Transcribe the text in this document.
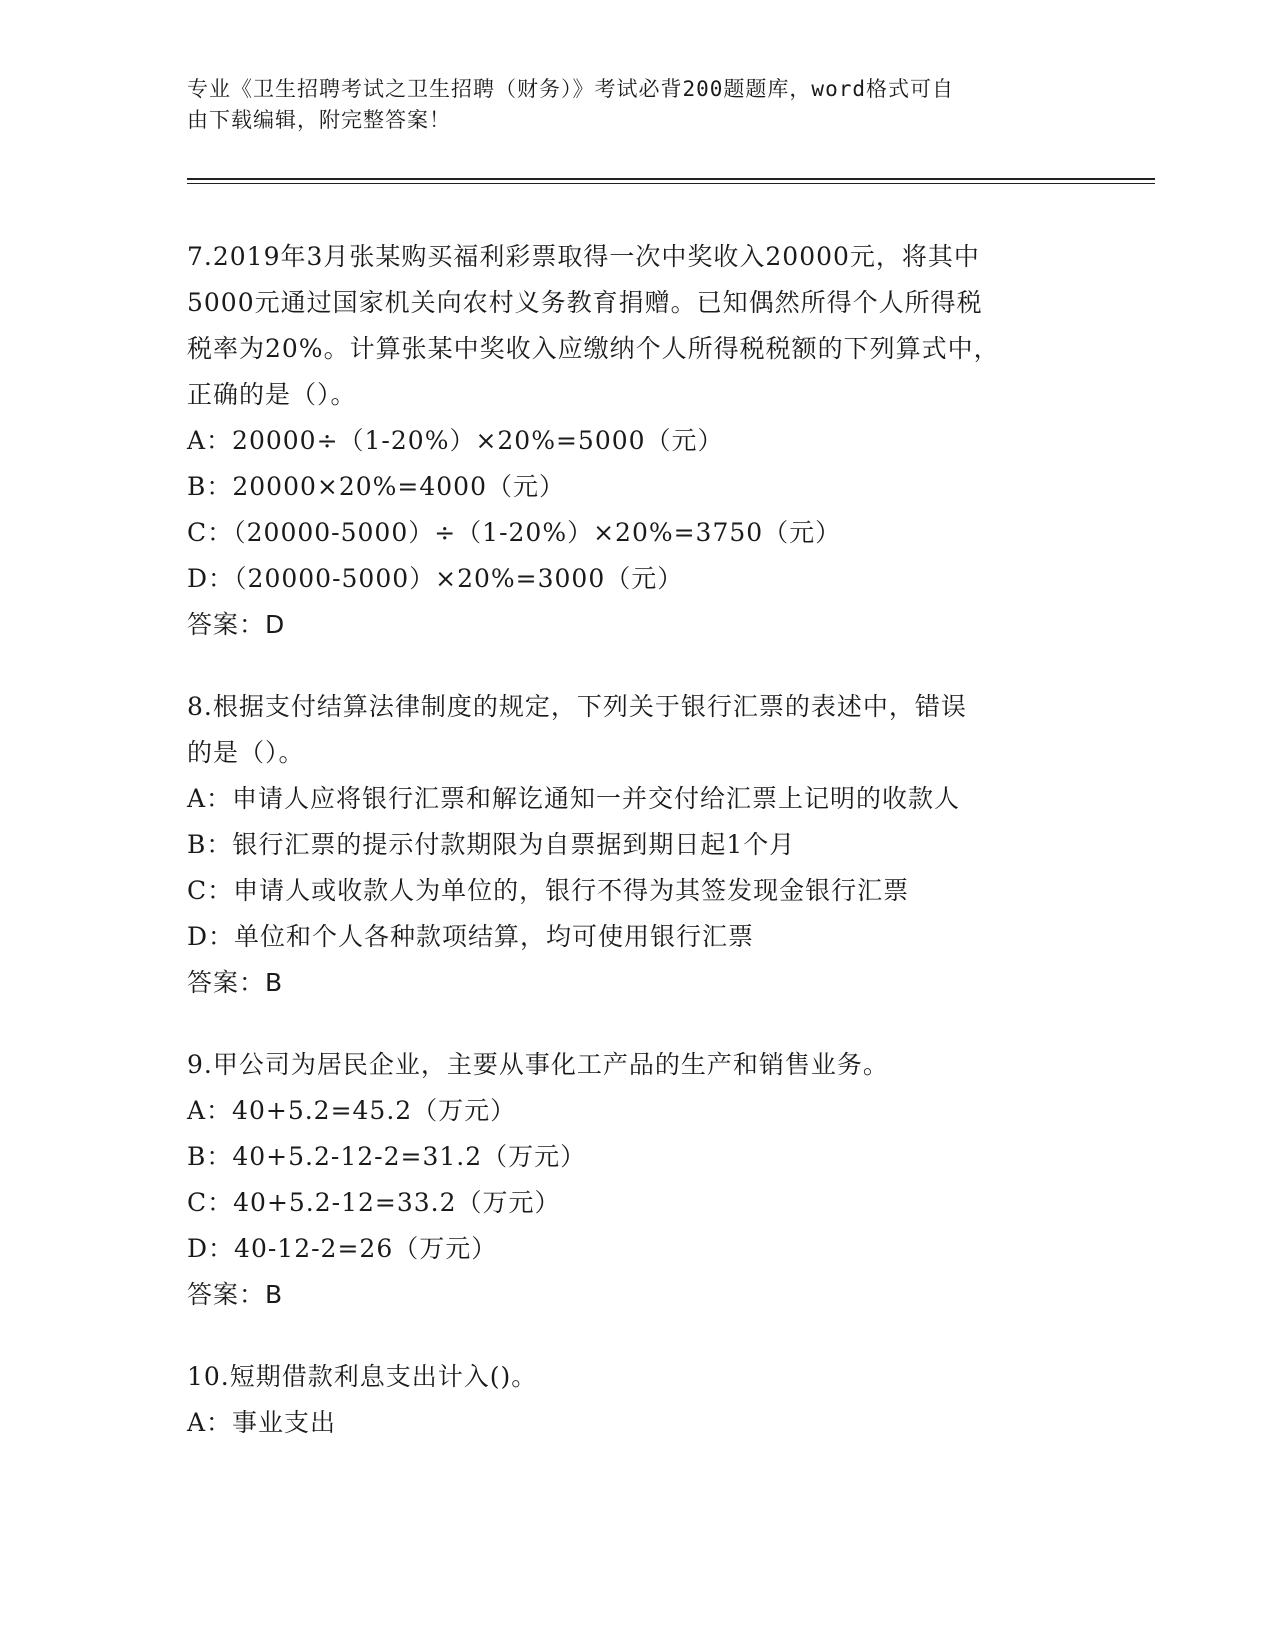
专业《卫生招聘考试之卫生招聘（财务）》考试必背200题题库，word格式可自
由下载编辑，附完整答案！
7.2019年3月张某购买福利彩票取得一次中奖收入20000元，将其中
5000元通过国家机关向农村义务教育捐赠。已知偶然所得个人所得税
税率为20%。计算张某中奖收入应缴纳个人所得税税额的下列算式中，
正确的是（）。
A：20000÷（1-20%）×20%=5000（元）
B：20000×20%=4000（元）
C：（20000-5000）÷（1-20%）×20%=3750（元）
D：（20000-5000）×20%=3000（元）
答案：D
8.根据支付结算法律制度的规定，下列关于银行汇票的表述中，错误
的是（）。
A：申请人应将银行汇票和解讫通知一并交付给汇票上记明的收款人
B：银行汇票的提示付款期限为自票据到期日起1个月
C：申请人或收款人为单位的，银行不得为其签发现金银行汇票
D：单位和个人各种款项结算，均可使用银行汇票
答案：B
9.甲公司为居民企业，主要从事化工产品的生产和销售业务。
A：40+5.2=45.2（万元）
B：40+5.2-12-2=31.2（万元）
C：40+5.2-12=33.2（万元）
D：40-12-2=26（万元）
答案：B
10.短期借款利息支出计入()。
A：事业支出
